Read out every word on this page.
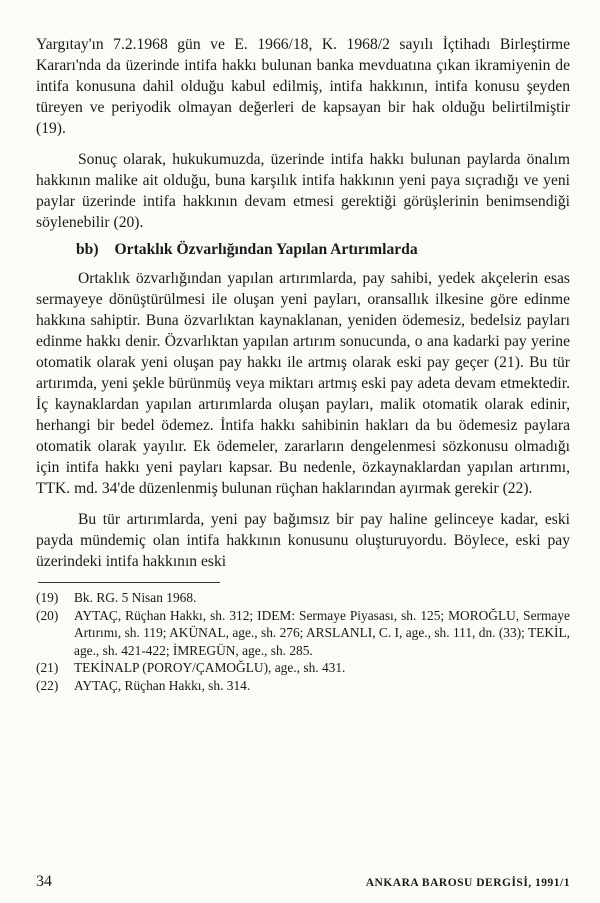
Yargıtay'ın 7.2.1968 gün ve E. 1966/18, K. 1968/2 sayılı İçtihadı Birleştirme Kararı'nda da üzerinde intifa hakkı bulunan banka mevduatına çıkan ikramiyenin de intifa konusuna dahil olduğu kabul edilmiş, intifa hakkının, intifa konusu şeyden türeyen ve periyodik olmayan değerleri de kapsayan bir hak olduğu belirtilmiştir (19).

Sonuç olarak, hukukumuzda, üzerinde intifa hakkı bulunan paylarda önalım hakkının malike ait olduğu, buna karşılık intifa hakkının yeni paya sıçradığı ve yeni paylar üzerinde intifa hakkının devam etmesi gerektiği görüşlerinin benimsendiği söylenebilir (20).

bb) Ortaklık Özvarlığından Yapılan Artırımlarda

Ortaklık özvarlığından yapılan artırımlarda, pay sahibi, yedek akçelerin esas sermayeye dönüştürülmesi ile oluşan yeni payları, oransallık ilkesine göre edinme hakkına sahiptir. Buna özvarlıktan kaynaklanan, yeniden ödemesiz, bedelsiz payları edinme hakkı denir. Özvarlıktan yapılan artırım sonucunda, o ana kadarki pay yerine otomatik olarak yeni oluşan pay hakkı ile artmış olarak eski pay geçer (21). Bu tür artırımda, yeni şekle bürünmüş veya miktarı artmış eski pay adeta devam etmektedir. İç kaynaklardan yapılan artırımlarda oluşan payları, malik otomatik olarak edinir, herhangi bir bedel ödemez. İntifa hakkı sahibinin hakları da bu ödemesiz paylara otomatik olarak yayılır. Ek ödemeler, zararların dengelenmesi sözkonusu olmadığı için intifa hakkı yeni payları kapsar. Bu nedenle, özkaynaklardan yapılan artırımı, TTK. md. 34'de düzenlenmiş bulunan rüçhan haklarından ayırmak gerekir (22).

Bu tür artırımlarda, yeni pay bağımsız bir pay haline gelinceye kadar, eski payda mündemiç olan intifa hakkının konusunu oluşturuyordu. Böylece, eski pay üzerindeki intifa hakkının eski

(19)	Bk. RG. 5 Nisan 1968.
(20)	AYTAÇ, Rüçhan Hakkı, sh. 312; IDEM: Sermaye Piyasası, sh. 125; MOROĞLU, Sermaye Artırımı, sh. 119; AKÜNAL, age., sh. 276; ARSLANLI, C. I, age., sh. 111, dn. (33); TEKİL, age., sh. 421-422; İMREGÜN, age., sh. 285.
(21)	TEKİNALP (POROY/ÇAMOĞLU), age., sh. 431.
(22)	AYTAÇ, Rüçhan Hakkı, sh. 314.
34	ANKARA BAROSU DERGİSİ, 1991/1
